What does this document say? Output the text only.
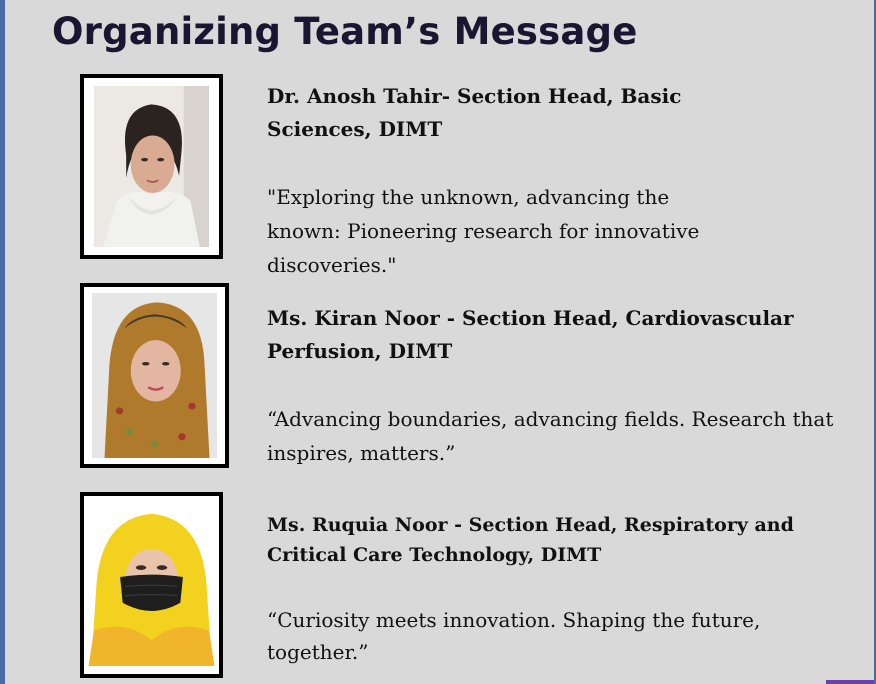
Organizing Team’s Message

Dr. Anosh Tahir- Section Head, Basic Sciences, DIMT

"Exploring the unknown, advancing the known: Pioneering research for innovative discoveries."

Ms. Kiran Noor - Section Head, Cardiovascular Perfusion, DIMT

“Advancing boundaries, advancing fields. Research that inspires, matters.”

Ms. Ruquia Noor - Section Head, Respiratory and Critical Care Technology, DIMT

“Curiosity meets innovation. Shaping the future, together.”
